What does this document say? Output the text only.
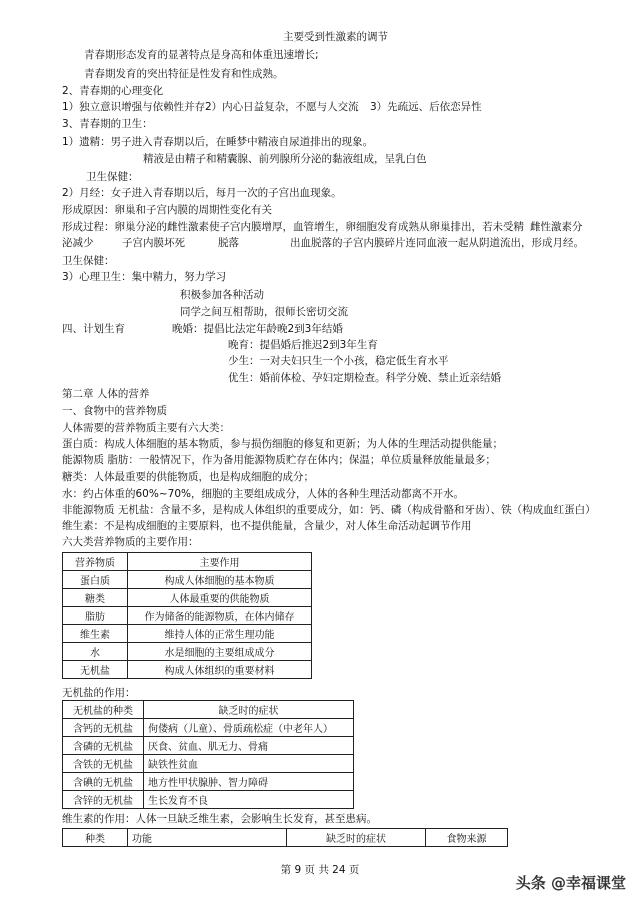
主要受到性激素的调节
青春期形态发育的显著特点是身高和体重迅速增长;
青春期发育的突出特征是性发育和性成熟。
2、青春期的心理变化
1）独立意识增强与依赖性并存 2）内心日益复杂，不愿与人交流 3）先疏远、后依恋异性
3、青春期的卫生：
1）遗精：男子进入青春期以后，在睡梦中精液自尿道排出的现象。
精液是由精子和精囊腺、前列腺所分泌的黏液组成，呈乳白色
卫生保健：
2）月经：女子进入青春期以后，每月一次的子宫出血现象。
形成原因：卵巢和子宫内膜的周期性变化有关
形成过程：卵巢分泌的雌性激素使子宫内膜增厚，血管增生，卵细胞发育成熟从卵巢排出，若未受精 雌性激素分
泌减少	子宫内膜坏死	脱落	出血脱落的子宫内膜碎片连同血液一起从阴道流出，形成月经。
卫生保健：
3）心理卫生：集中精力，努力学习
积极参加各种活动
同学之间互相帮助，很师长密切交流
四、计划生育	晚婚：提倡比法定年龄晚2到3年结婚
晚育：提倡婚后推迟2到3年生育
少生：一对夫妇只生一个小孩，稳定低生育水平
优生：婚前体检、孕妇定期检查。科学分娩、禁止近亲结婚
第二章 人体的营养
一、食物中的营养物质
人体需要的营养物质主要有六大类：
蛋白质：构成人体细胞的基本物质，参与损伤细胞的修复和更新；为人体的生理活动提供能量；
能源物质 脂肪：一般情况下，作为备用能源物质贮存在体内；保温；单位质量释放能量最多；
糖类：人体最重要的供能物质，也是构成细胞的成分；
水：约占体重的60%~70%，细胞的主要组成成分，人体的各种生理活动都离不开水。
非能源物质 无机盐：含量不多，是构成人体组织的重要成分，如：钙、磷（构成骨骼和牙齿）、铁（构成血红蛋白）
维生素：不是构成细胞的主要原料，也不提供能量，含量少，对人体生命活动起调节作用
六大类营养物质的主要作用：
营养物质	主要作用
蛋白质	构成人体细胞的基本物质
糖类	人体最重要的供能物质
脂肪	作为储备的能源物质，在体内储存
维生素	维持人体的正常生理功能
水	水是细胞的主要组成成分
无机盐	构成人体组织的重要材料
无机盐的作用：
无机盐的种类	缺乏时的症状
含钙的无机盐	佝偻病（儿童）、骨质疏松症（中老年人）
含磷的无机盐	厌食、贫血、肌无力、骨痛
含铁的无机盐	缺铁性贫血
含碘的无机盐	地方性甲状腺肿、智力障碍
含锌的无机盐	生长发育不良
维生素的作用：人体一旦缺乏维生素，会影响生长发育，甚至患病。
种类	功能	缺乏时的症状	食物来源
第 9 页 共 24 页
头条 @幸福课堂
